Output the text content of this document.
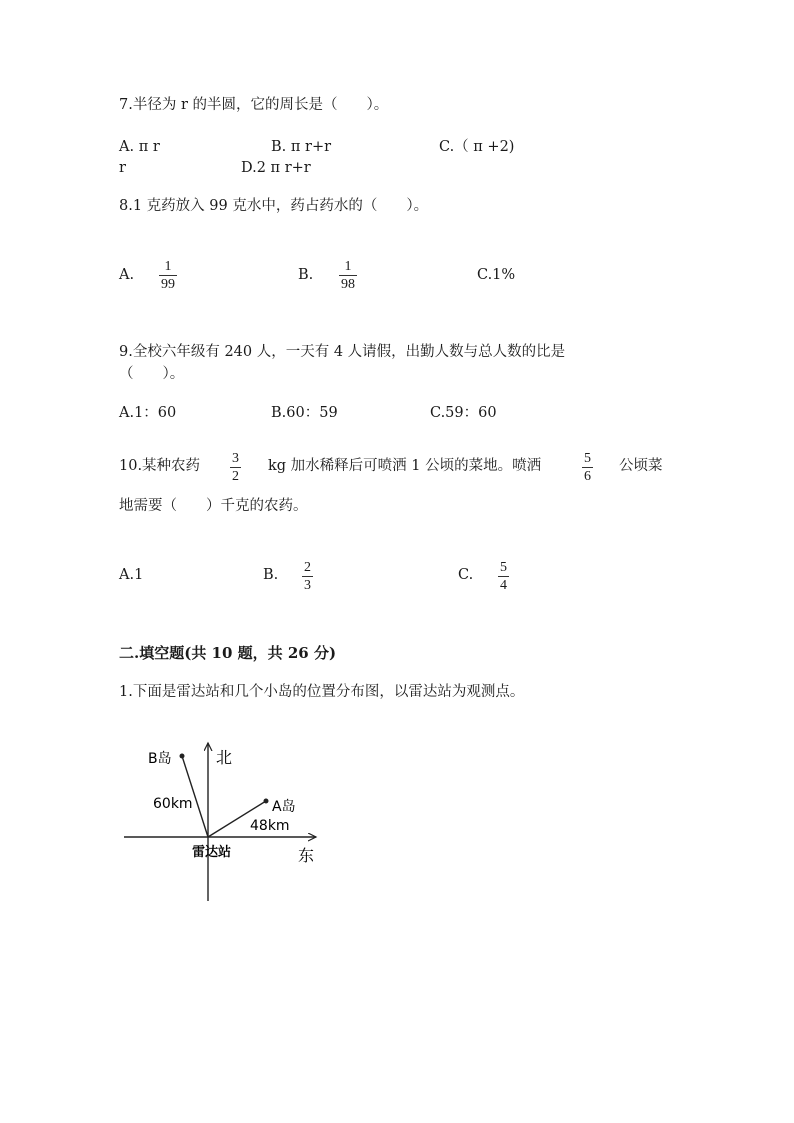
7.半径为 r 的半圆，它的周长是（　　）。
A. π r	B. π r+r	C.（ π +2)
r	D.2 π r+r
8.1 克药放入 99 克水中，药占药水的（　　）。
A.
1
99
B.
1
98
C.1%
9.全校六年级有 240 人，一天有 4 人请假，出勤人数与总人数的比是
（　　）。
A.1：60	B.60：59	C.59：60
10.某种农药 3
2
kg 加水稀释后可喷洒 1 公顷的菜地。喷洒	5
6
公顷菜
地需要（　　）千克的农药。
A.1	B. 2
3
C. 5
4
二.填空题(共 10 题，共 26 分)
1.下面是雷达站和几个小岛的位置分布图，以雷达站为观测点。
北
东
雷达站
B岛
A岛
60km
48km
